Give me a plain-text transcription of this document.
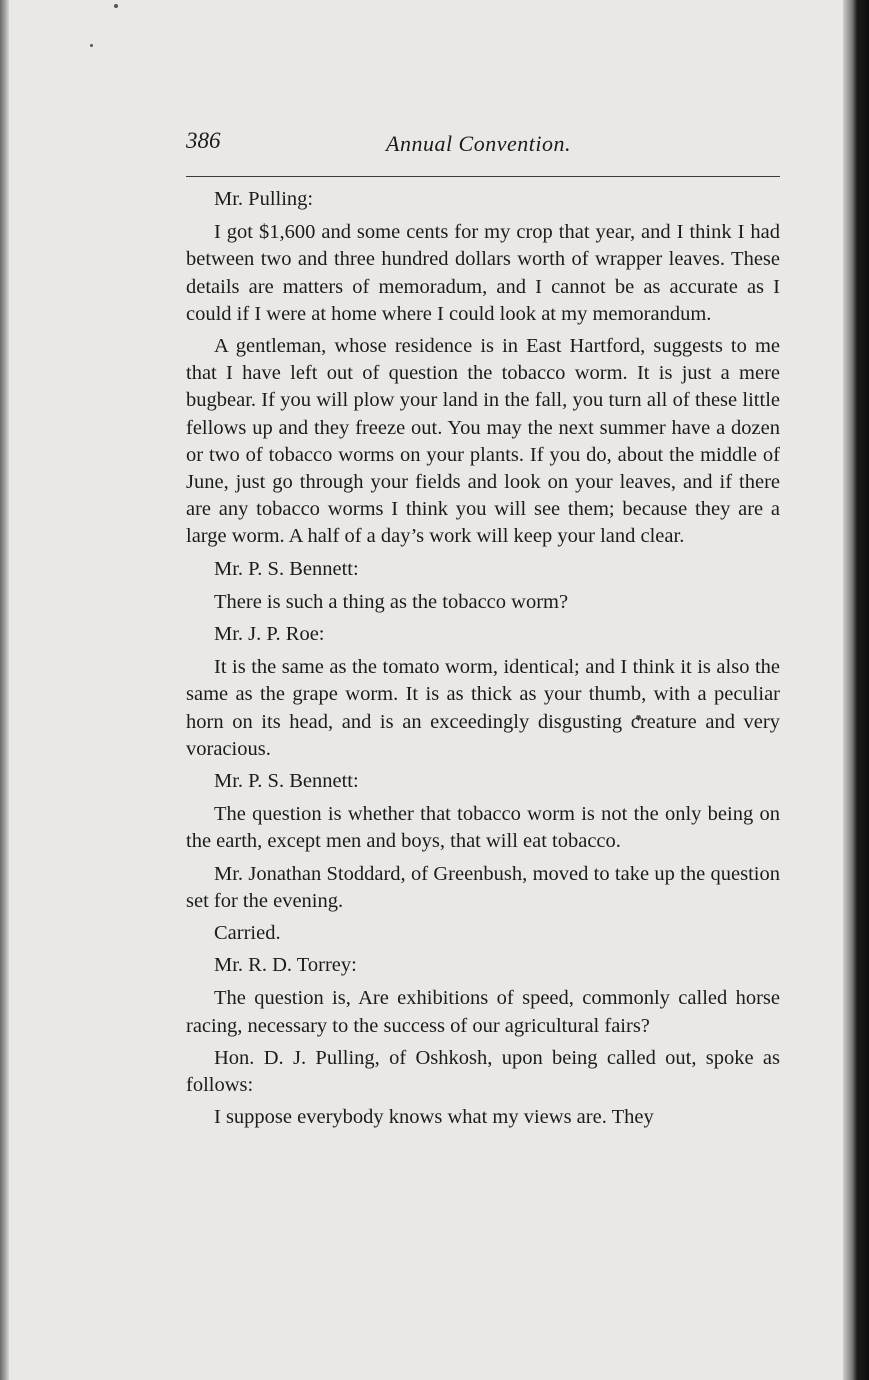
386	Annual Convention.

Mr. Pulling:

I got $1,600 and some cents for my crop that year, and I think I had between two and three hundred dollars worth of wrapper leaves. These details are matters of memoradum, and I cannot be as accurate as I could if I were at home where I could look at my memorandum.

A gentleman, whose residence is in East Hartford, suggests to me that I have left out of question the tobacco worm. It is just a mere bugbear. If you will plow your land in the fall, you turn all of these little fellows up and they freeze out. You may the next summer have a dozen or two of tobacco worms on your plants. If you do, about the middle of June, just go through your fields and look on your leaves, and if there are any tobacco worms I think you will see them; because they are a large worm. A half of a day’s work will keep your land clear.

Mr. P. S. Bennett:

There is such a thing as the tobacco worm?

Mr. J. P. Roe:

It is the same as the tomato worm, identical; and I think it is also the same as the grape worm. It is as thick as your thumb, with a peculiar horn on its head, and is an exceedingly disgusting creature and very voracious.

Mr. P. S. Bennett:

The question is whether that tobacco worm is not the only being on the earth, except men and boys, that will eat tobacco.

Mr. Jonathan Stoddard, of Greenbush, moved to take up the question set for the evening.

Carried.

Mr. R. D. Torrey:

The question is, Are exhibitions of speed, commonly called horse racing, necessary to the success of our agricultural fairs?

Hon. D. J. Pulling, of Oshkosh, upon being called out, spoke as follows:

I suppose everybody knows what my views are. They
